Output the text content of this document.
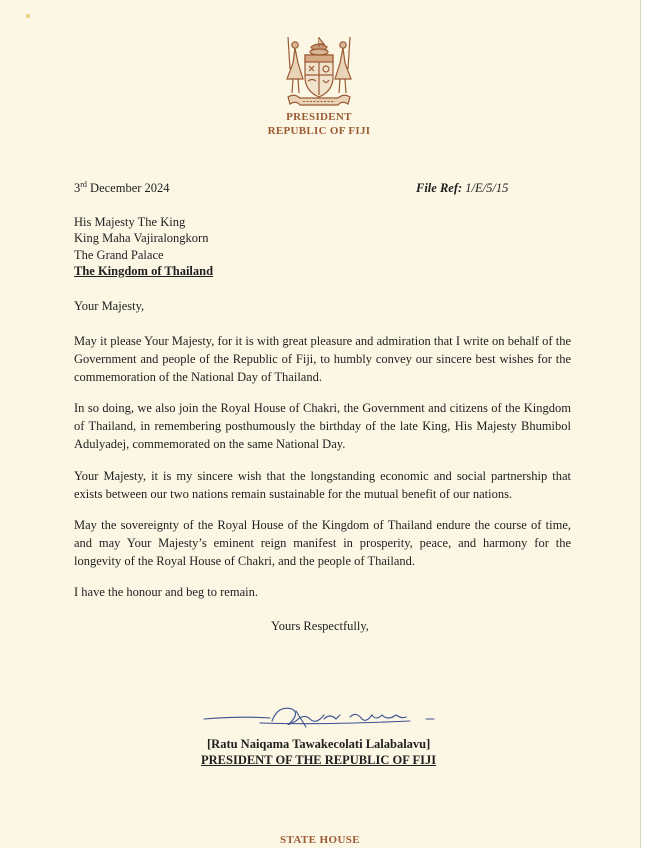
PRESIDENT
REPUBLIC OF FIJI
3rd December 2024	File Ref: 1/E/5/15
His Majesty The King
King Maha Vajiralongkorn
The Grand Palace
The Kingdom of Thailand
Your Majesty,

May it please Your Majesty, for it is with great pleasure and admiration that I write on behalf of the Government and people of the Republic of Fiji, to humbly convey our sincere best wishes for the commemoration of the National Day of Thailand.

In so doing, we also join the Royal House of Chakri, the Government and citizens of the Kingdom of Thailand, in remembering posthumously the birthday of the late King, His Majesty Bhumibol Adulyadej, commemorated on the same National Day.

Your Majesty, it is my sincere wish that the longstanding economic and social partnership that exists between our two nations remain sustainable for the mutual benefit of our nations.

May the sovereignty of the Royal House of the Kingdom of Thailand endure the course of time, and may Your Majesty’s eminent reign manifest in prosperity, peace, and harmony for the longevity of the Royal House of Chakri, and the people of Thailand.

I have the honour and beg to remain.

Yours Respectfully,
[Ratu Naiqama Tawakecolati Lalabalavu]
PRESIDENT OF THE REPUBLIC OF FIJI
STATE HOUSE
